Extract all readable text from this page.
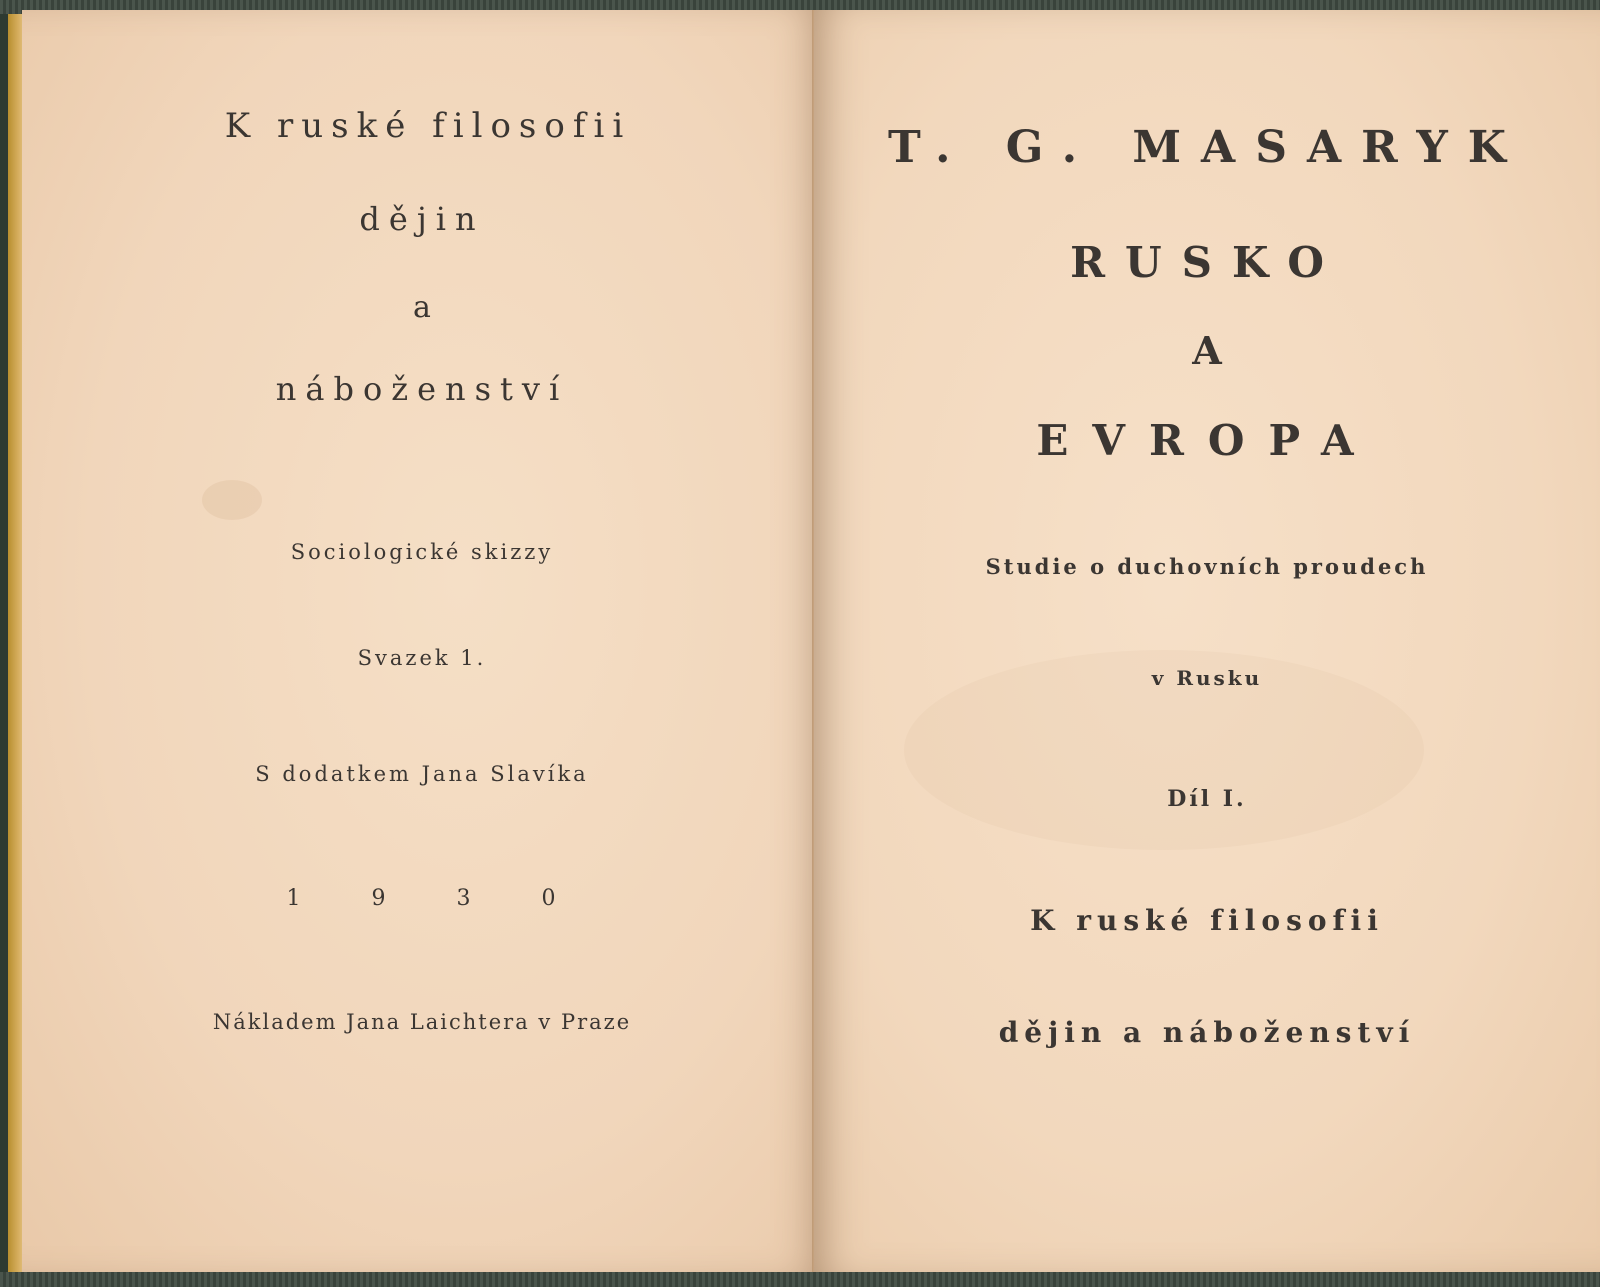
K ruské filosofii
dějin
a
náboženství
Sociologické skizzy
Svazek 1.
S dodatkem Jana Slavíka
1 9 3 0
Nákladem Jana Laichtera v Praze
T. G. MASARYK
RUSKO
A
EVROPA
Studie o duchovních proudech
v Rusku
Díl I.
K ruské filosofii
dějin a náboženství
